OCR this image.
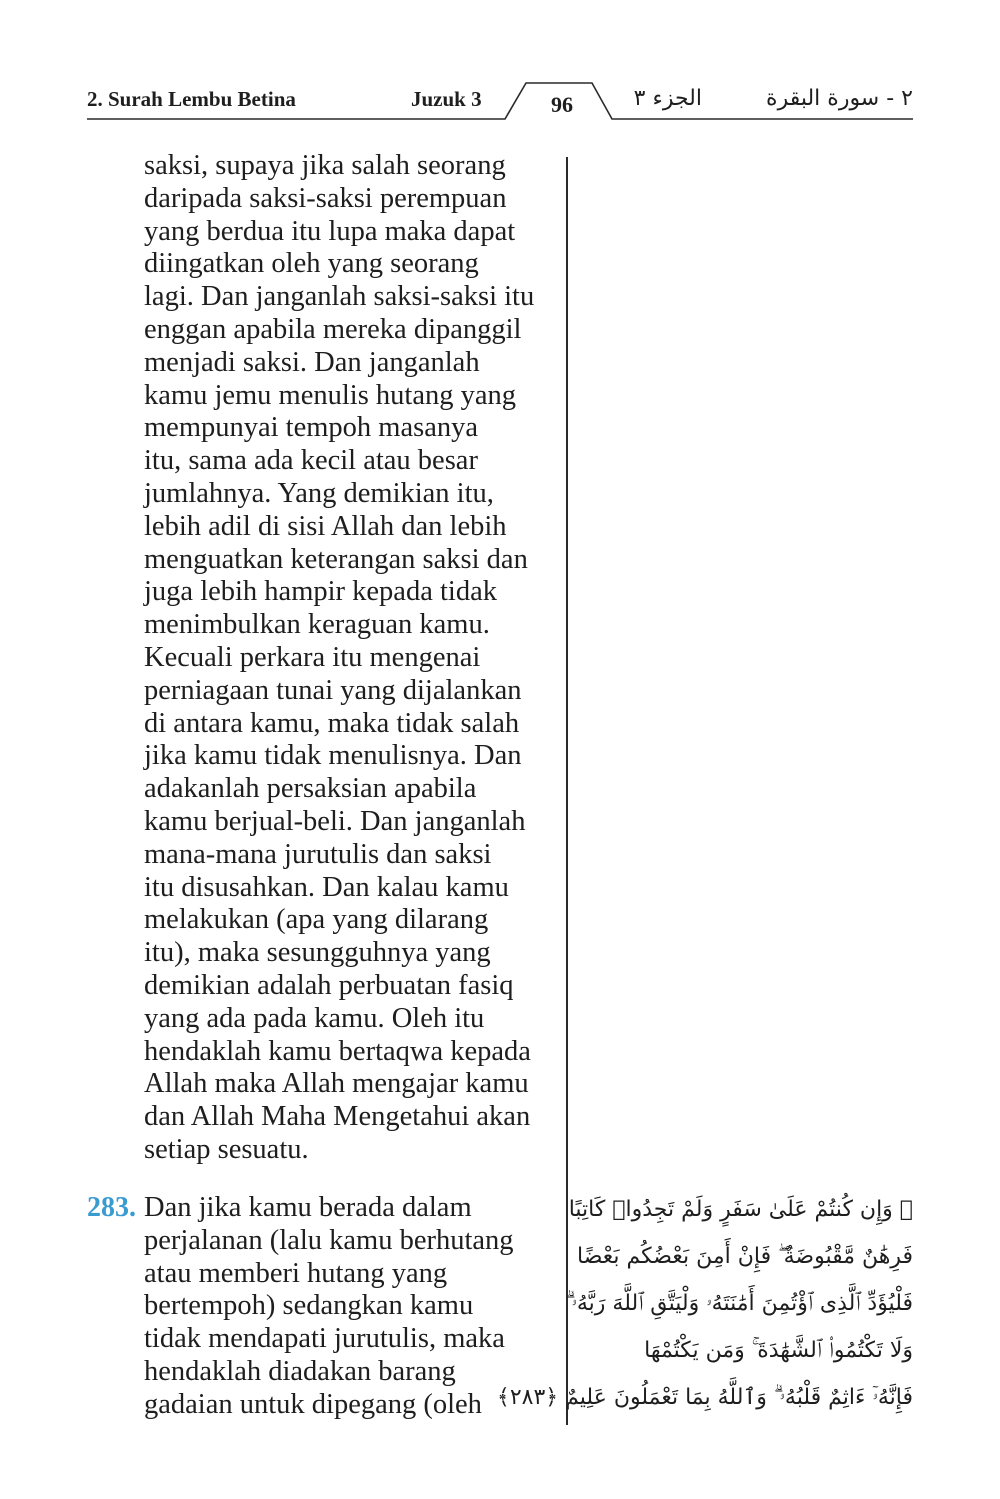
2. Surah Lembu Betina	Juzuk 3	96	الجزء ٣	٢ - سورة البقرة
saksi, supaya jika salah seorang
daripada saksi-saksi perempuan
yang berdua itu lupa maka dapat
diingatkan oleh yang seorang
lagi. Dan janganlah saksi-saksi itu
enggan apabila mereka dipanggil
menjadi saksi. Dan janganlah
kamu jemu menulis hutang yang
mempunyai tempoh masanya
itu, sama ada kecil atau besar
jumlahnya. Yang demikian itu,
lebih adil di sisi Allah dan lebih
menguatkan keterangan saksi dan
juga lebih hampir kepada tidak
menimbulkan keraguan kamu.
Kecuali perkara itu mengenai
perniagaan tunai yang dijalankan
di antara kamu, maka tidak salah
jika kamu tidak menulisnya. Dan
adakanlah persaksian apabila
kamu berjual-beli. Dan janganlah
mana-mana jurutulis dan saksi
itu disusahkan. Dan kalau kamu
melakukan (apa yang dilarang
itu), maka sesungguhnya yang
demikian adalah perbuatan fasiq
yang ada pada kamu. Oleh itu
hendaklah kamu bertaqwa kepada
Allah maka Allah mengajar kamu
dan Allah Maha Mengetahui akan
setiap sesuatu.
283. Dan jika kamu berada dalam
perjalanan (lalu kamu berhutang
atau memberi hutang yang
bertempoh) sedangkan kamu
tidak mendapati jurutulis, maka
hendaklah diadakan barang
gadaian untuk dipegang (oleh
۞ وَإِن كُنتُمْ عَلَىٰ سَفَرٍ وَلَمْ تَجِدُوا۟ كَاتِبًا
فَرِهَٰنٌ مَّقْبُوضَةٌ ۖ فَإِنْ أَمِنَ بَعْضُكُم بَعْضًا
فَلْيُؤَدِّ ٱلَّذِى ٱؤْتُمِنَ أَمَٰنَتَهُۥ وَلْيَتَّقِ ٱللَّهَ رَبَّهُۥ ۗ
وَلَا تَكْتُمُوا۟ ٱلشَّهَٰدَةَ ۚ وَمَن يَكْتُمْهَا
فَإِنَّهُۥٓ ءَاثِمٌ قَلْبُهُۥ ۗ وَٱللَّهُ بِمَا تَعْمَلُونَ عَلِيمٌ ﴿٢٨٣﴾
